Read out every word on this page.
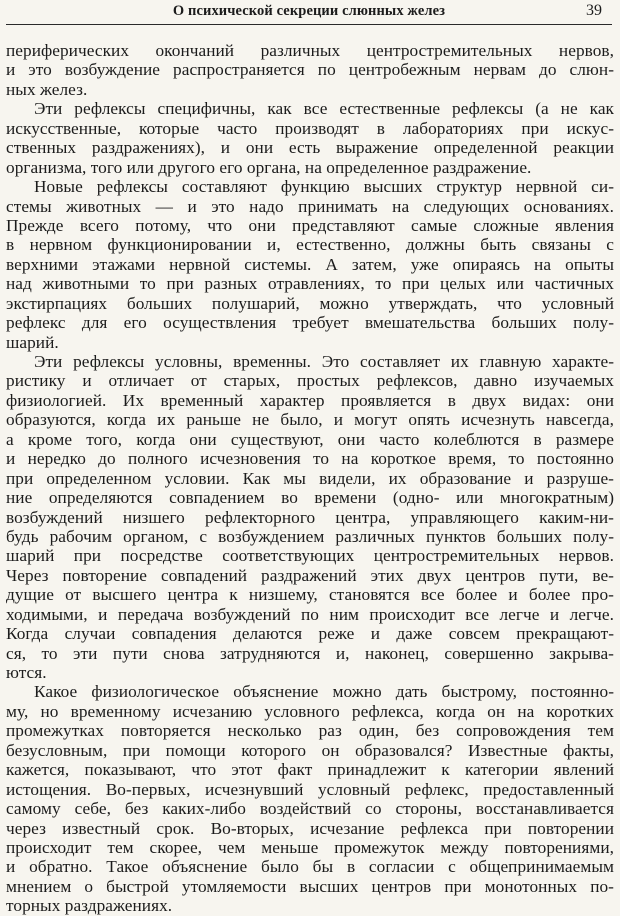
О психической секреции слюнных желез	39
периферических окончаний различных центростремительных нервов,
и это возбуждение распространяется по центробежным нервам до слюн-
ных желез.
Эти рефлексы специфичны, как все естественные рефлексы (а не как
искусственные, которые часто производят в лабораториях при искус-
ственных раздражениях), и они есть выражение определенной реакции
организма, того или другого его органа, на определенное раздражение.
Новые рефлексы составляют функцию высших структур нервной си-
стемы животных — и это надо принимать на следующих основаниях.
Прежде всего потому, что они представляют самые сложные явления
в нервном функционировании и, естественно, должны быть связаны с
верхними этажами нервной системы. А затем, уже опираясь на опыты
над животными то при разных отравлениях, то при целых или частичных
экстирпациях больших полушарий, можно утверждать, что условный
рефлекс для его осуществления требует вмешательства больших полу-
шарий.
Эти рефлексы условны, временны. Это составляет их главную характе-
ристику и отличает от старых, простых рефлексов, давно изучаемых
физиологией. Их временный характер проявляется в двух видах: они
образуются, когда их раньше не было, и могут опять исчезнуть навсегда,
а кроме того, когда они существуют, они часто колеблются в размере
и нередко до полного исчезновения то на короткое время, то постоянно
при определенном условии. Как мы видели, их образование и разруше-
ние определяются совпадением во времени (одно- или многократным)
возбуждений низшего рефлекторного центра, управляющего каким-ни-
будь рабочим органом, с возбуждением различных пунктов больших полу-
шарий при посредстве соответствующих центростремительных нервов.
Через повторение совпадений раздражений этих двух центров пути, ве-
дущие от высшего центра к низшему, становятся все более и более про-
ходимыми, и передача возбуждений по ним происходит все легче и легче.
Когда случаи совпадения делаются реже и даже совсем прекращают-
ся, то эти пути снова затрудняются и, наконец, совершенно закрыва-
ются.
Какое физиологическое объяснение можно дать быстрому, постоянно-
му, но временному исчезанию условного рефлекса, когда он на коротких
промежутках повторяется несколько раз один, без сопровождения тем
безусловным, при помощи которого он образовался? Известные факты,
кажется, показывают, что этот факт принадлежит к категории явлений
истощения. Во-первых, исчезнувший условный рефлекс, предоставленный
самому себе, без каких-либо воздействий со стороны, восстанавливается
через известный срок. Во-вторых, исчезание рефлекса при повторении
происходит тем скорее, чем меньше промежуток между повторениями,
и обратно. Такое объяснение было бы в согласии с общепринимаемым
мнением о быстрой утомляемости высших центров при монотонных по-
торных раздражениях.
